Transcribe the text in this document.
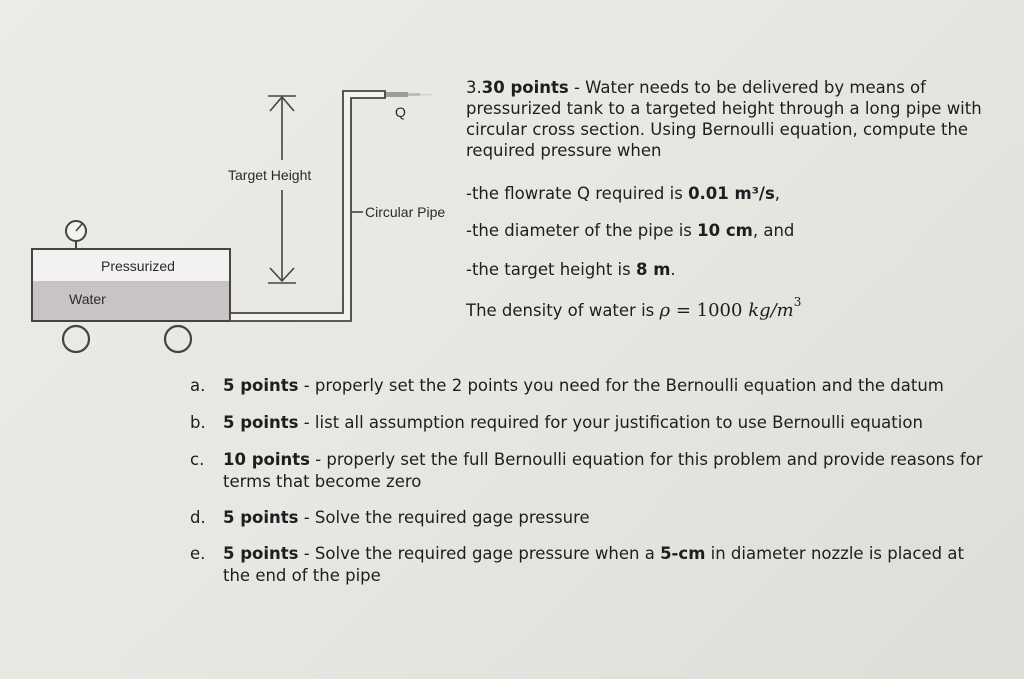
Q
Target Height
Circular Pipe
Pressurized
Water
3.30 points - Water needs to be delivered by means of pressurized tank to a targeted height through a long pipe with circular cross section. Using Bernoulli equation, compute the required pressure when
-the flowrate Q required is 0.01 m³/s,
-the diameter of the pipe is 10 cm, and
-the target height is 8 m.
The density of water is ρ = 1000 $kg/m^3$
a.	5 points - properly set the 2 points you need for the Bernoulli equation and the datum
b.	5 points - list all assumption required for your justification to use Bernoulli equation
c.	10 points - properly set the full Bernoulli equation for this problem and provide reasons for terms that become zero
d.	5 points - Solve the required gage pressure
e.	5 points - Solve the required gage pressure when a 5-cm in diameter nozzle is placed at the end of the pipe
